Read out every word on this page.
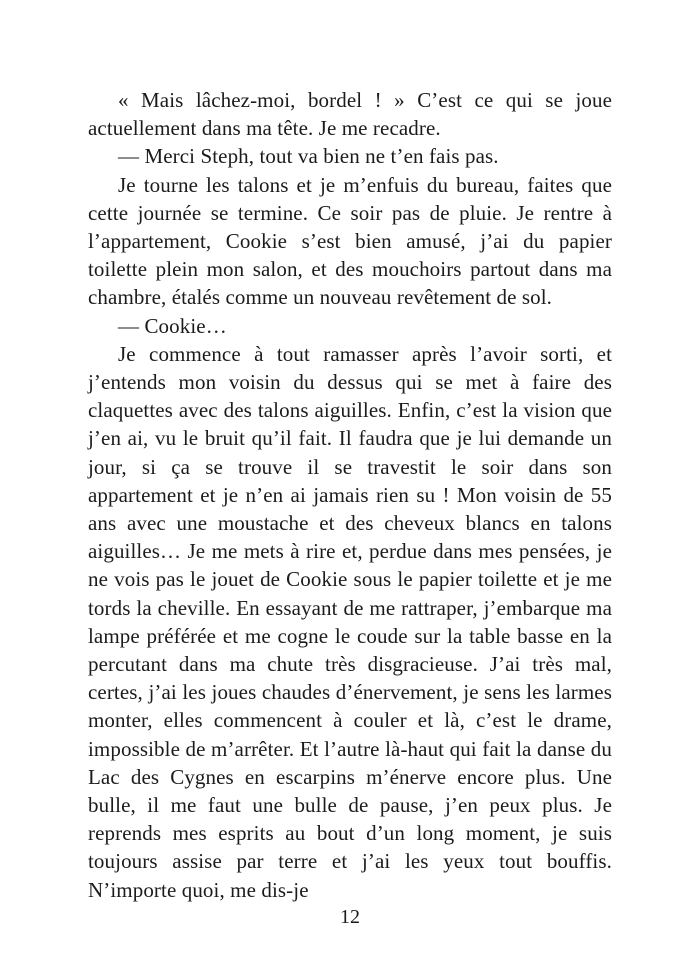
« Mais lâchez-moi, bordel ! » C’est ce qui se joue actuellement dans ma tête. Je me recadre.

— Merci Steph, tout va bien ne t’en fais pas.

Je tourne les talons et je m’enfuis du bureau, faites que cette journée se termine. Ce soir pas de pluie. Je rentre à l’appartement, Cookie s’est bien amusé, j’ai du papier toilette plein mon salon, et des mouchoirs partout dans ma chambre, étalés comme un nouveau revêtement de sol.

— Cookie…

Je commence à tout ramasser après l’avoir sorti, et j’entends mon voisin du dessus qui se met à faire des claquettes avec des talons aiguilles. Enfin, c’est la vision que j’en ai, vu le bruit qu’il fait. Il faudra que je lui demande un jour, si ça se trouve il se travestit le soir dans son appartement et je n’en ai jamais rien su ! Mon voisin de 55 ans avec une moustache et des cheveux blancs en talons aiguilles… Je me mets à rire et, perdue dans mes pensées, je ne vois pas le jouet de Cookie sous le papier toilette et je me tords la cheville. En essayant de me rattraper, j’embarque ma lampe préférée et me cogne le coude sur la table basse en la percutant dans ma chute très disgracieuse. J’ai très mal, certes, j’ai les joues chaudes d’énervement, je sens les larmes monter, elles commencent à couler et là, c’est le drame, impossible de m’arrêter. Et l’autre là-haut qui fait la danse du Lac des Cygnes en escarpins m’énerve encore plus. Une bulle, il me faut une bulle de pause, j’en peux plus. Je reprends mes esprits au bout d’un long moment, je suis toujours assise par terre et j’ai les yeux tout bouffis. N’importe quoi, me dis-je

12
